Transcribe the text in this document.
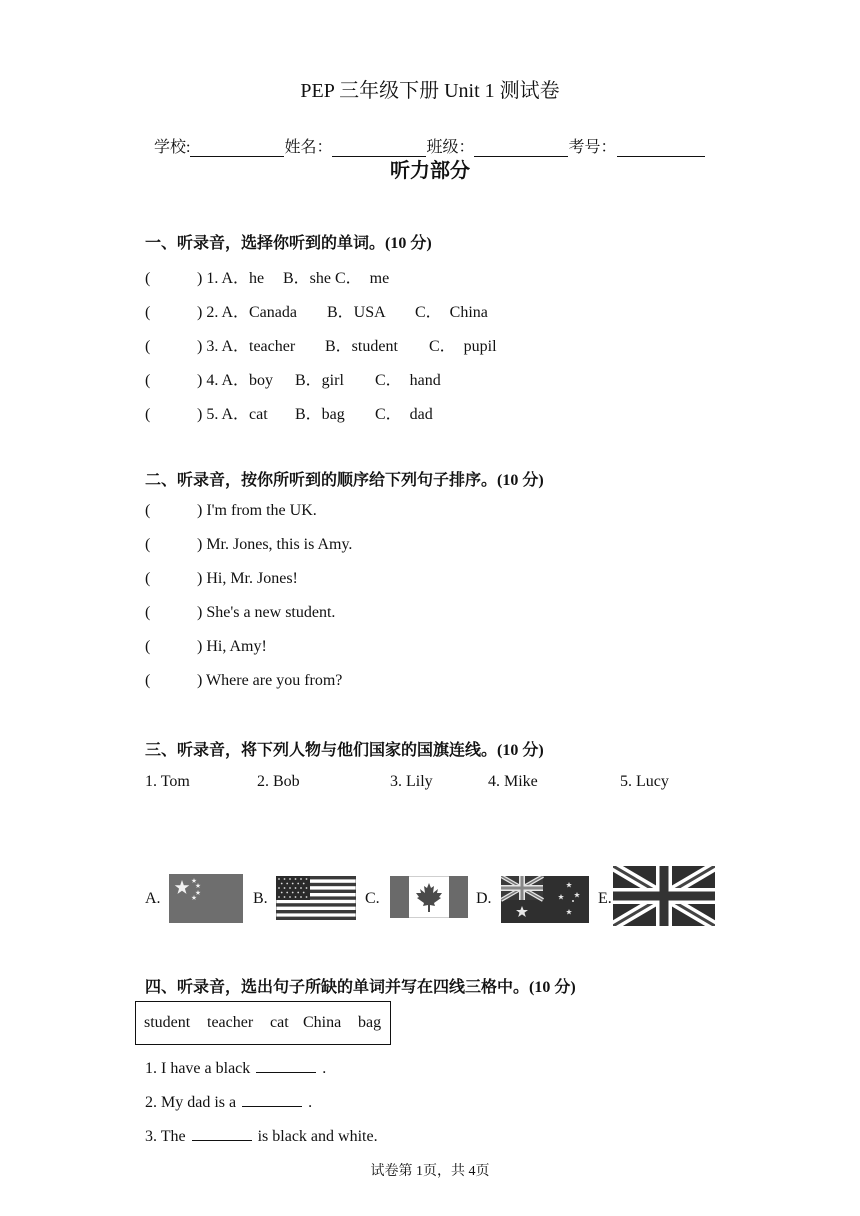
PEP 三年级下册 Unit 1 测试卷

学校:	姓名：	班级：	考号：

听力部分
一、听录音，选择你听到的单词。(10 分)
(	) 1. A．he B．she C．  me
(	) 2. A．Canada B．USA C．  China
(	) 3. A．teacher B．student C．  pupil
(	) 4. A．boy B．girl C．  hand
(	) 5. A．cat B．bag C．  dad
二、听录音，按你所听到的顺序给下列句子排序。(10 分)
(	) I'm from the UK.
(	) Mr. Jones, this is Amy.
(	) Hi, Mr. Jones!
(	) She's a new student.
(	) Hi, Amy!
(	) Where are you from?
三、听录音，将下列人物与他们国家的国旗连线。(10 分)
1. Tom	2. Bob	3. Lily	4. Mike	5. Lucy

A.

	B.

	C.

	D.

	E.

四、听录音，选出句子所缺的单词并写在四线三格中。(10 分)
student teacher cat China bag
1. I have a black	.
2. My dad is a	.
3. The	is black and white.
试卷第 1页，共 4页
